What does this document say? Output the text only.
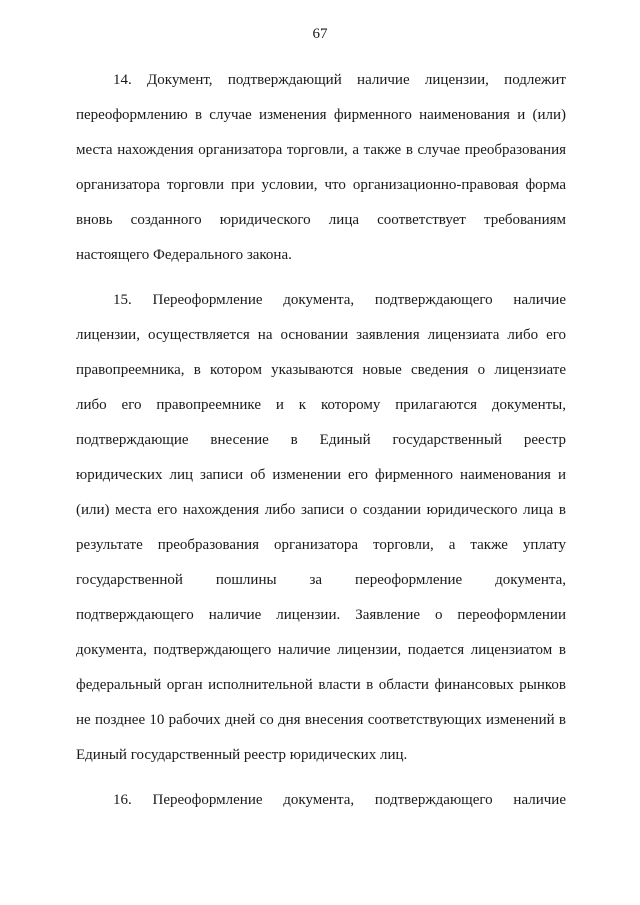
67
14. Документ, подтверждающий наличие лицензии, подлежит
переоформлению в случае изменения фирменного наименования и (или)
места нахождения организатора торговли, а также в случае преобразования
организатора торговли при условии, что организационно-правовая форма
вновь созданного юридического лица соответствует требованиям
настоящего Федерального закона.
15. Переоформление документа, подтверждающего наличие
лицензии, осуществляется на основании заявления лицензиата либо его
правопреемника, в котором указываются новые сведения о лицензиате
либо его правопреемнике и к которому прилагаются документы,
подтверждающие внесение в Единый государственный реестр
юридических лиц записи об изменении его фирменного наименования и
(или) места его нахождения либо записи о создании юридического лица в
результате преобразования организатора торговли, а также уплату
государственной пошлины за переоформление документа,
подтверждающего наличие лицензии. Заявление о переоформлении
документа, подтверждающего наличие лицензии, подается лицензиатом в
федеральный орган исполнительной власти в области финансовых рынков
не позднее 10 рабочих дней со дня внесения соответствующих изменений в
Единый государственный реестр юридических лиц.
16. Переоформление документа, подтверждающего наличие
